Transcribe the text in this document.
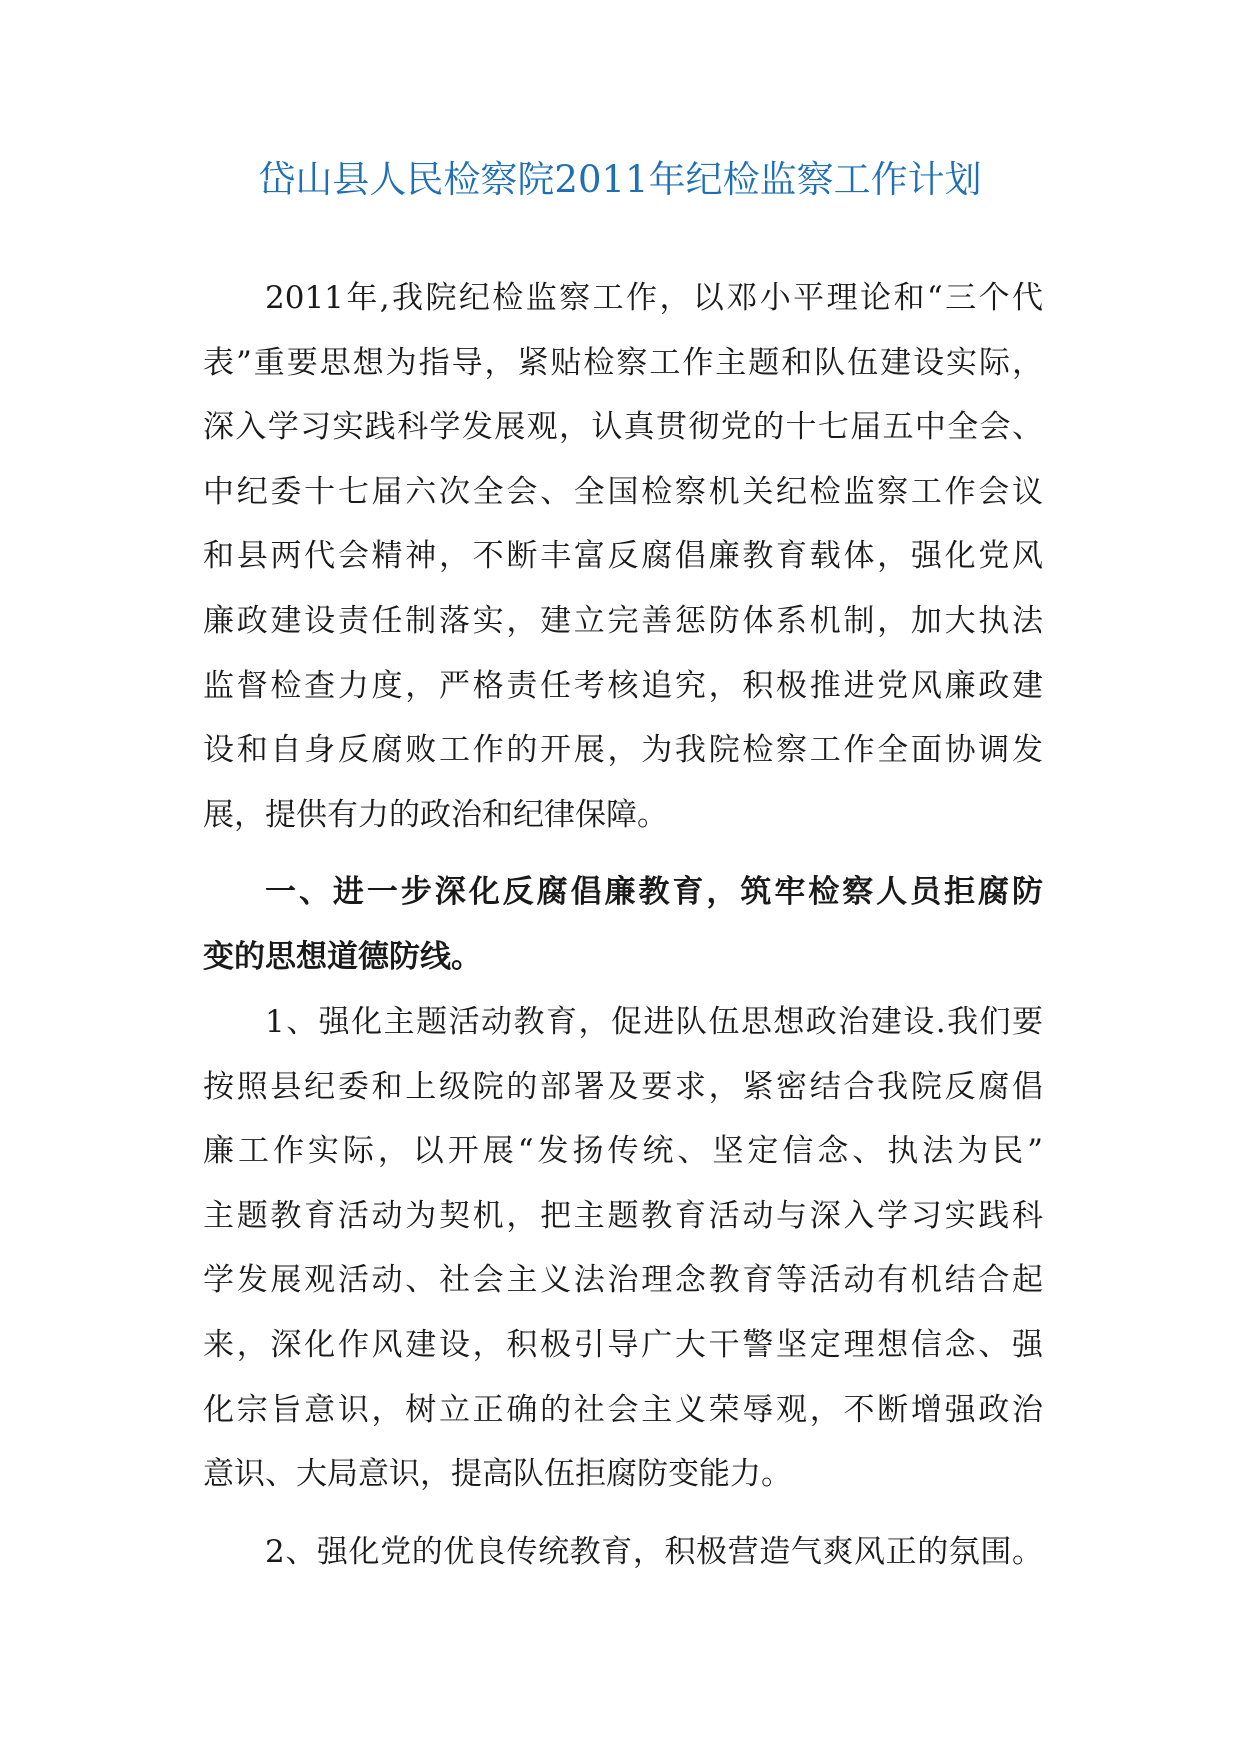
岱山县人民检察院2011年纪检监察工作计划
2011年,我院纪检监察工作，以邓小平理论和“三个代
表”重要思想为指导，紧贴检察工作主题和队伍建设实际，
深入学习实践科学发展观，认真贯彻党的十七届五中全会、
中纪委十七届六次全会、全国检察机关纪检监察工作会议
和县两代会精神，不断丰富反腐倡廉教育载体，强化党风
廉政建设责任制落实，建立完善惩防体系机制，加大执法
监督检查力度，严格责任考核追究，积极推进党风廉政建
设和自身反腐败工作的开展，为我院检察工作全面协调发
展，提供有力的政治和纪律保障。
一、进一步深化反腐倡廉教育，筑牢检察人员拒腐防
变的思想道德防线。
1、强化主题活动教育，促进队伍思想政治建设.我们要
按照县纪委和上级院的部署及要求，紧密结合我院反腐倡
廉工作实际，以开展“发扬传统、坚定信念、执法为民”
主题教育活动为契机，把主题教育活动与深入学习实践科
学发展观活动、社会主义法治理念教育等活动有机结合起
来，深化作风建设，积极引导广大干警坚定理想信念、强
化宗旨意识，树立正确的社会主义荣辱观，不断增强政治
意识、大局意识，提高队伍拒腐防变能力。
2、强化党的优良传统教育，积极营造气爽风正的氛围。
